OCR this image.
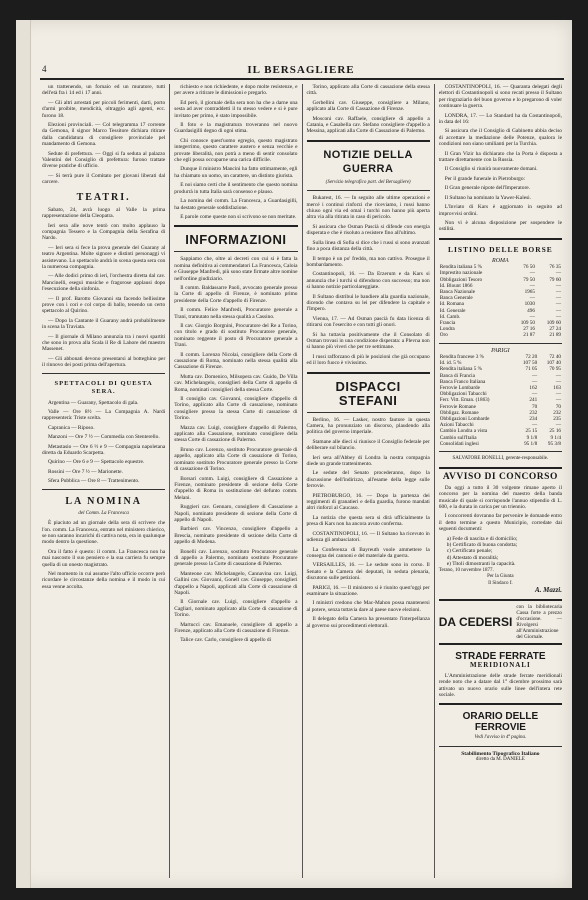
4	IL BERSAGLIERE

un trattenendo, un fornaio ed un muratore, tutti dell'età fra i 14 ed i 17 anni.

— Gli altri arrestati per piccoli ferimenti, darti, porto d'armi proibite, mendicità, oltraggio agli agenti, ecc. furono 18.

Elezioni provinciali. — Col telegramma 17 corrente da Gemona, il signor Marco Tessitore dichiara ritirare dalla candidatura di consigliere provinciale pel mandamento di Gemona.

Sedute di prefettura. — Oggi si fa seduta al palazzo Valentini del Consiglio di prefettura: furono trattate diverse pratiche di ufficio.

— Si terrà pure il Comitato per giovani liberati dal carcere.

TEATRI.

Sabato, 24, avrà luogo al Valle la prima rappresentazione della Cleopatra.

Ieri sera alle nove tentò con molto applauso la compagnia Tessero e la Compagnia della Serafina di Nardo.

— Ieri sera si fece la prova generale del Guarany al teatro Argentina. Molte signore e distinti personaggi vi assistevano. Lo spettacolo andrà in scena questa sera con la numerosa compagnia.

— Alle dodici primo di ieri, l'orchestra diretta dal cav. Mancinelli, eseguì musiche e fragorose applausi dopo l'esecuzione della sinfonia.

— Il prof. Barotto Giovanni sta facendo bellissime prove con i cori e col corpo di ballo, tenendo un certo spettacolo al Quirino.

— Dopo la Cantante il Guarany andrà probabilmente in scena la Traviata.

— Il giornale di Milano annunzia tra i nuovi spartiti che sono in prova alla Scala il Re di Lahore del maestro Massenet.

— Gli abbonati devono presentarsi al botteghino per il rinnovo dei posti prima dell'apertura.

SPETTACOLI DI QUESTA SERA.

Argentina — Guarany, Spettacolo di gala.

Valle — Ore 8½ — La Compagnia A. Nardi rappresenterà: Triste scelta.

Capranica — Riposo.

Manzoni — Ore 7 ½ — Commedia con Stenterello.

Metastasio — Ore 6 ½ e 9 — Compagnia napoletana diretta da Eduardo Scarpetta.

Quirino — Ore 6 e 9 — Spettacolo equestre.

Rossini — Ore 7 ½ — Marionette.

Sfera Pubblica — Ore 8 — Trattenimento.

LA NOMINA
del Comm. La Francesca

È piaciuto ad un giornale della sera di scrivere che l'on. comm. La Francesca, entrato nel ministero chierico, se non saranno incarichi di cattiva nota, era in qualunque modo dentro la questione.

Ora il fatto è questo: il comm. La Francesca non ha mai nascosto il suo pensiero e la sua carriera fu sempre quella di un onesto magistrato.

Nel momento in cui assume l'alto ufficio occorre però ricordare le circostanze della nomina e il modo in cui essa venne accolta.

richiesto e non richiedente, e dopo molte resistenze, e per avere a ritirare le dimissioni e pregarlo.

Ed però, il giornale della sera non ha che a darne una sesta ad aver contraddetti il tu stesso vedere e si è pure invitato per primo, è stato impossibile.

Il foto e la magistratura troveranno nel nuovo Guardasigilli degno di ogni stima.

Chi conosce quest'uomo egregio, questo magistrato integerrimo, questo carattere austero e senza vecchie e provate liberalità, non potrà a meno di sentir consolato che egli possa occuparne una carica difficile.

Dunque il ministro Mancini ha fatto ottimamente, egli ha chiamato un uomo, un carattere, un distinto giurista.

E noi siamo certi che il sentimento che questo nomina produrrà in tutta Italia sarà consenso e plauso.

La nomina del comm. La Francesca, a Guardasigilli, ha destato generale soddisfazione.

E parole come queste non si scrivono se non meritate.

INFORMAZIONI

Sappiamo che, oltre ai decreti con cui si è fatta la nomina definitiva ai commendatori La Francesca, Caloia e Giuseppe Manfredi, più sono state firmate altre nomine nell'ordine giudiziario.

Il comm. Baldassarre Paoli, avvocato generale presso la Corte di appello di Firenze, è nominato primo presidente della Corte d'appello di Firenze.

Il comm. Felice Manfredi, Procuratore generale a Trani, tramutato nella stessa qualità a Cassino.

Il cav. Giorgio Borgnini, Procuratore del Re a Torino, con titolo e grado di sostituto Procuratore generale, nominato reggente il posto di Procuratore generale a Trani.

Il comm. Lorenzo Nicolai, consigliere della Corte di cassazione di Roma, nominato nella stessa qualità alla Cassazione di Firenze.

Mutta cav. Domenico, Milsopera cav. Guido, De Villa cav. Michelangelo, consiglieri della Corte di appello di Roma, nominati consiglieri della stessa Corte.

Il consiglio cav. Giovanni, consigliere d'appello di Torino, applicato alla Corte di cassazione, nominato consigliere presso la stessa Corte di cassazione di Torino.

Mazza cav. Luigi, consigliere d'appello di Palermo, applicato alla Cassazione, nominato consigliere della stessa Corte di cassazione di Palermo.

Bruno cav. Lorenzo, sostituto Procuratore generale di appello, applicato alla Corte di cassazione di Torino, nominato sostituto Procuratore generale presso la Corte di cassazione di Torino.

Borsari comm. Luigi, consigliere di Cassazione a Firenze, nominato presidente di sezione della Corte d'appello di Roma in sostituzione del defunto comm. Melani.

Ruggieri cav. Gennaro, consigliere di Cassazione a Napoli, nominato presidente di sezione della Corte di appello di Napoli.

Barbieri cav. Vincenzo, consigliere d'appello a Brescia, nominato presidente di sezione della Corte di appello di Modena.

Bonelli cav. Lorenzo, sostituto Procuratore generale di appello a Palermo, nominato sostituto Procuratore generale presso la Corte di cassazione di Palermo.

Manteone cav. Michelangelo, Cannavina cav. Luigi, Gallini cav. Giovanni, Gonell cav. Giuseppe, consiglieri d'appello a Napoli, applicati alla Corte di cassazione di Napoli.

Il Giornale cav. Luigi, consigliere d'appello a Cagliari, nominato applicato alla Corte di cassazione di Torino.

Martucci cav. Emanuele, consigliere di appello a Firenze, applicato alla Corte di cassazione di Firenze.

Talice cav. Carlo, consigliere di appello di

Torino, applicato alla Corte di cassazione della stessa città.

Gerbellini cav. Giuseppe, consigliere a Milano, applicato alla Corte di Cassazione di Firenze.

Mosconi cav. Raffaele, consigliere di appello a Catania, e Casabella cav. Stefano consigliere d'appello a Messina, applicati alla Corte di Cassazione di Palermo.

NOTIZIE DELLA GUERRA
(Servizio telegrafico part. del Bersagliere)

Bukarest, 16. — In seguito alle ultime operazioni e mercé i continui rinforzi che riceviamo, i russi hanno chiuso ogni via ed omai i turchi non hanno più aperta altra via alla ritirata in caso di pericolo.

Si assicura che Osman Pascià si difende con energia disperata e che è risoluto a resistere fino all'ultimo.

Sulla linea di Sofia si dice che i russi si sono avanzati fino a poca distanza della città.

Il tempo è un po' freddo, ma non cattivo. Prosegue il bombardamento.

Costantinopoli, 16. — Da Erzerum e da Kars si annunzia che i turchi si difendono con successo; ma non si hanno notizie particolareggiate.

Il Sultano distribuì le bandiere alla guardia nazionale, dicendo che contava su lei per difendere la capitale e l'Impero.

Vienna, 17. — Ad Osman pascià fu data licenza di ritirarsi con l'esercito e con tutti gli onori.

Si ha tuttavia positivamente che il Consolato di Osman trovasi in una condizione disperata: a Plevna non si hanno più viveri che per tre settimane.

I russi rafforzano di più le posizioni che già occupano ed il loro fuoco è vivissimo.

DISPACCI STEFANI

Berlino, 16. — Lasker, nostro fautore in questa Camera, ha pronunziato un discorso, plaudendo alla politica del governo imperiale.

Stamane alle dieci si riunisce il Consiglio federale per deliberare sul bilancio.

Ieri sera all'Abbey di Londra la nostra compagnia diede un grande trattenimento.

Le sedute del Senato procederanno, dopo la discussione dell'indirizzo, all'esame della legge sulle ferrovie.

PIETROBURGO, 16. — Dopo la partenza dei reggimenti di granatieri e della guardia, furono mandati altri rinforzi al Caucaso.

La notizia che questa sera si dirà ufficialmente la presa di Kars non ha ancora avuto conferma.

COSTANTINOPOLI, 16. — Il Sultano ha ricevuto in udienza gli ambasciatori.

La Conferenza di Bayreuth vuole ammettere la consegna dei cannoni e del materiale da guerra.

VERSAILLES, 16. — Le sedute sono in corso. Il Senato e la Camera dei deputati, in seduta plenaria, discutono sulle petizioni.

PARIGI, 16. — Il ministero si è riunito quest'oggi per esaminare la situazione.

I ministri credono che Mac-Mahon possa mantenersi al potere, senza tuttavia dare al paese nuove elezioni.

Il delegato della Camera ha presentato l'interpellanza al governo sui procedimenti elettorali.

COSTANTINOPOLI, 16. — Quaranta delegati degli elettori di Costantinopoli si sono recati presso il Sultano per ringraziarlo del buon governo e lo pregarono di voler continuare la guerra.

LONDRA, 17. — Lo Standard ha da Costantinopoli, in data del 16:

Si assicura che il Consiglio di Gabinetto abbia deciso di accettare la mediazione delle Potenze, qualora le condizioni non siano umilianti per la Turchia.

Il Gran Vizir ha dichiarato che la Porta è disposta a trattare direttamente con la Russia.

Il Consiglio si riunirà nuovamente domani.

Per il grande funerale in Pietroburgo:

Il Gran generale nipote dell'Imperatore.

Il Sultano ha nominato la Yawer-Kalesi.

L'Inviato di Kars è aggiornato in seguito ad improvvisi ordini.

Non vi è alcuna disposizione per sospendere le ostilità.

LISTINO DELLE BORSE
ROMA
Rendita italiana 5 %	76 50	76 35
Imprestito nazionale	—	—
Obbligazioni Tesoro	79 50	79 60
Id. Blount 1866	—	—
Banca Nazionale	1965	—
Banca Generale	—	—
Id. Romana	1030	—
Id. Generale	496	—
Id. Camb.	—	—
Francia	109 50	109 60
Londra	27 16	27 24
Oro	21 87	21 89
PARIGI
Rendita francese 3 %	72 20	72 40
Id. id. 5 %	107 50	107 40
Rendita italiana 5 %	71 05	70 95
Banca di Francia	—	—
Banca Franco Italiana	—	—
Ferrovie Lombarde	162	163
Obbligazioni Tabacchi	—	—
Ferr. Vitt. Eman. (1863)	241	—
Ferrovie Romane	70	70
Obbligaz. Romane	232	232
Obbligazioni Lombarde	234	235
Azioni Tabacchi	—	—
Cambio Londra a vista	25 15	25 16
Cambio sull'Italia	9 1/8	9 1/4
Consolidati inglesi	95 1/8	95 3/8
SALVATORE BONELLI, gerente-responsabile.
AVVISO DI CONCORSO

Da oggi a tutto il 30 volgente rimane aperto il concorso per la nomina del maestro della banda musicale di quale si corrisponde l'annuo stipendio di L. 600, e la durata in carica per un triennio.

I concorrenti dovranno far pervenire le domande entro il detto termine a questo Municipio, corredate dai seguenti documenti:

a) Fede di nascita e di domicilio;
b) Certificato di buona condotta;
c) Certificato penale;
d) Attestato di moralità;
e) Titoli dimostranti la capacità.
Terano, 10 novembre 1877.
Per la Giunta
Il Sindaco f.
A. Mazzi.
DA CEDERSI
con la bibliotecaria Cassa forte a prezzo d'occasione. — Rivolgersi all'Amministrazione del Giornale.
STRADE FERRATE
MERIDIONALI

L'Amministrazione delle strade ferrate meridionali rende noto che a datare dal 1° dicembre prossimo sarà attivato un nuovo orario sulle linee dell'intera rete sociale.

ORARIO DELLE FERROVIE
Vedi l'avviso in 4ª pagina.
Stabilimento Tipografico Italiano
diretto da M. DANIELE
